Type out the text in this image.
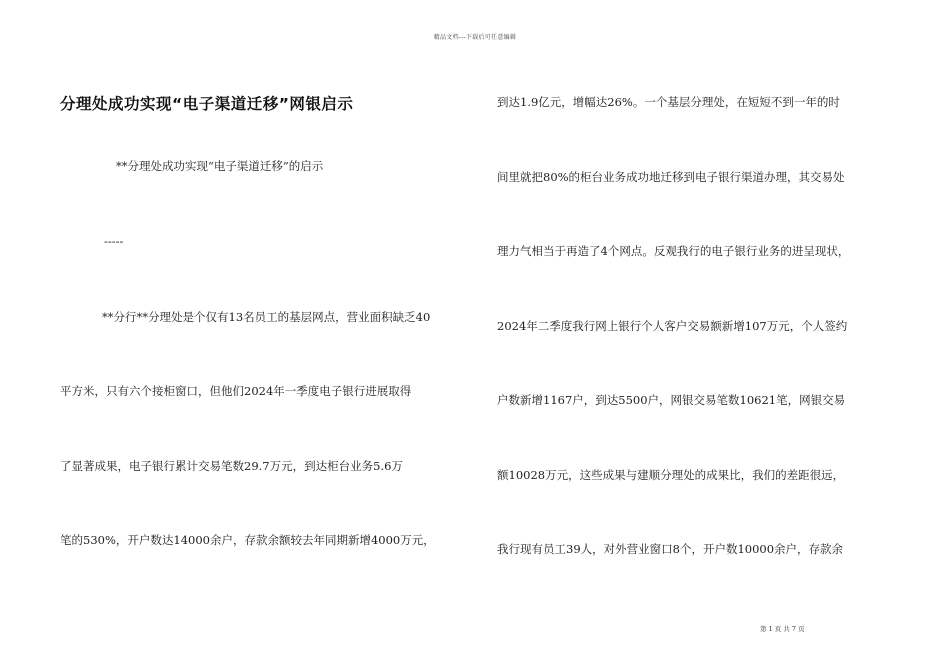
精品文档---下载后可任意编辑
分理处成功实现“电子渠道迁移”网银启示
**分理处成功实现“电子渠道迁移”的启示
-----
**分行**分理处是个仅有13名员工的基层网点，营业面积缺乏40
平方米，只有六个接柜窗口，但他们2024年一季度电子银行进展取得
了显著成果，电子银行累计交易笔数29.7万元，到达柜台业务5.6万
笔的530%，开户数达14000余户，存款余额较去年同期新增4000万元，
到达1.9亿元，增幅达26%。一个基层分理处，在短短不到一年的时
间里就把80%的柜台业务成功地迁移到电子银行渠道办理，其交易处
理力气相当于再造了4个网点。反观我行的电子银行业务的进呈现状，
2024年二季度我行网上银行个人客户交易额新增107万元，个人签约
户数新增1167户，到达5500户，网银交易笔数10621笔，网银交易
额10028万元，这些成果与建顺分理处的成果比，我们的差距很远，
我行现有员工39人，对外营业窗口8个，开户数10000余户，存款余
第 1 页 共 7 页
